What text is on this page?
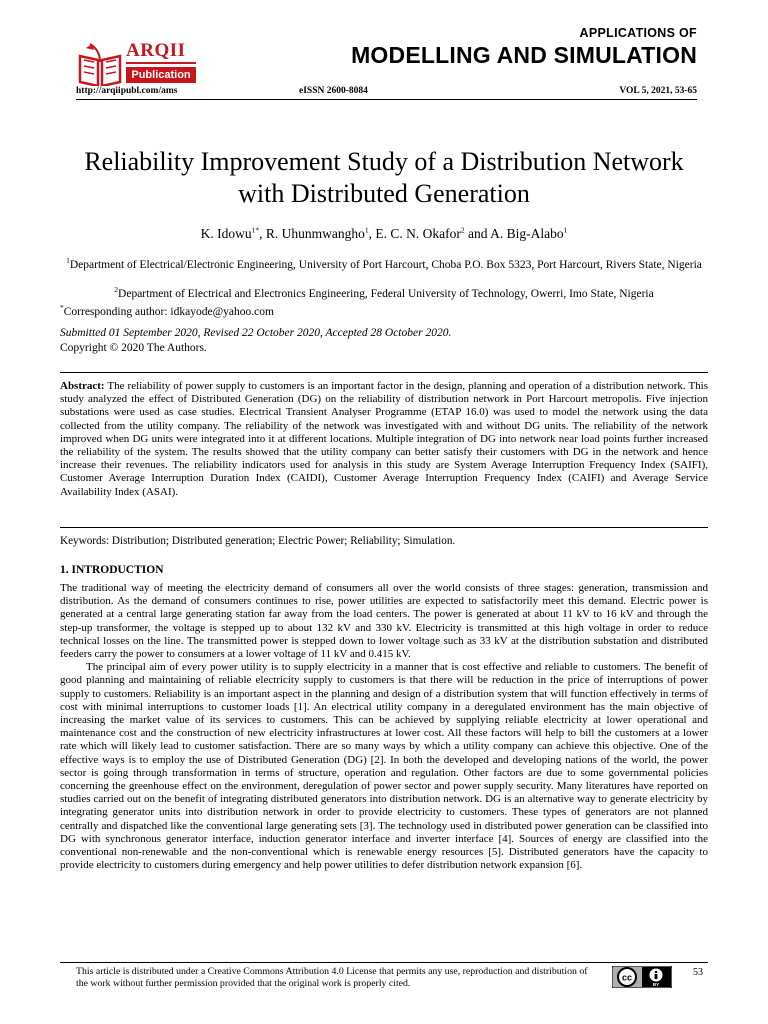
ARQII
Publication
APPLICATIONS OF
MODELLING AND SIMULATION
http://arqiipubl.com/ams	eISSN 2600-8084	VOL 5, 2021, 53-65
Reliability Improvement Study of a Distribution Network with Distributed Generation
K. Idowu$^{1*}$, R. Uhunmwangho$^1$, E. C. N. Okafor$^2$ and A. Big-Alabo$^1$
$^1$Department of Electrical/Electronic Engineering, University of Port Harcourt, Choba P.O. Box 5323, Port Harcourt, Rivers State, Nigeria
$^2$Department of Electrical and Electronics Engineering, Federal University of Technology, Owerri, Imo State, Nigeria
*Corresponding author: idkayode@yahoo.com
Submitted 01 September 2020, Revised 22 October 2020, Accepted 28 October 2020.
Copyright © 2020 The Authors.
Abstract: The reliability of power supply to customers is an important factor in the design, planning and operation of a distribution network. This study analyzed the effect of Distributed Generation (DG) on the reliability of distribution network in Port Harcourt metropolis. Five injection substations were used as case studies. Electrical Transient Analyser Programme (ETAP 16.0) was used to model the network using the data collected from the utility company. The reliability of the network was investigated with and without DG units. The reliability of the network improved when DG units were integrated into it at different locations. Multiple integration of DG into network near load points further increased the reliability of the system. The results showed that the utility company can better satisfy their customers with DG in the network and hence increase their revenues. The reliability indicators used for analysis in this study are System Average Interruption Frequency Index (SAIFI), Customer Average Interruption Duration Index (CAIDI), Customer Average Interruption Frequency Index (CAIFI) and Average Service Availability Index (ASAI).
Keywords: Distribution; Distributed generation; Electric Power; Reliability; Simulation.
1. INTRODUCTION

The traditional way of meeting the electricity demand of consumers all over the world consists of three stages: generation, transmission and distribution. As the demand of consumers continues to rise, power utilities are expected to satisfactorily meet this demand. Electric power is generated at a central large generating station far away from the load centers. The power is generated at about 11 kV to 16 kV and through the step-up transformer, the voltage is stepped up to about 132 kV and 330 kV. Electricity is transmitted at this high voltage in order to reduce technical losses on the line. The transmitted power is stepped down to lower voltage such as 33 kV at the distribution substation and distributed feeders carry the power to consumers at a lower voltage of 11 kV and 0.415 kV.

The principal aim of every power utility is to supply electricity in a manner that is cost effective and reliable to customers. The benefit of good planning and maintaining of reliable electricity supply to customers is that there will be reduction in the price of interruptions of power supply to customers. Reliability is an important aspect in the planning and design of a distribution system that will function effectively in terms of cost with minimal interruptions to customer loads [1]. An electrical utility company in a deregulated environment has the main objective of increasing the market value of its services to customers. This can be achieved by supplying reliable electricity at lower operational and maintenance cost and the construction of new electricity infrastructures at lower cost. All these factors will help to bill the customers at a lower rate which will likely lead to customer satisfaction. There are so many ways by which a utility company can achieve this objective. One of the effective ways is to employ the use of Distributed Generation (DG) [2]. In both the developed and developing nations of the world, the power sector is going through transformation in terms of structure, operation and regulation. Other factors are due to some governmental policies concerning the greenhouse effect on the environment, deregulation of power sector and power supply security. Many literatures have reported on studies carried out on the benefit of integrating distributed generators into distribution network. DG is an alternative way to generate electricity by integrating generator units into distribution network in order to provide electricity to customers. These types of generators are not planned centrally and dispatched like the conventional large generating sets [3]. The technology used in distributed power generation can be classified into DG with synchronous generator interface, induction generator interface and inverter interface [4]. Sources of energy are classified into the conventional non-renewable and the non-conventional which is renewable energy resources [5]. Distributed generators have the capacity to provide electricity to customers during emergency and help power utilities to defer distribution network expansion [6].

This article is distributed under a Creative Commons Attribution 4.0 License that permits any use, reproduction and distribution of the work without further permission provided that the original work is properly cited.
cc
BY
53
